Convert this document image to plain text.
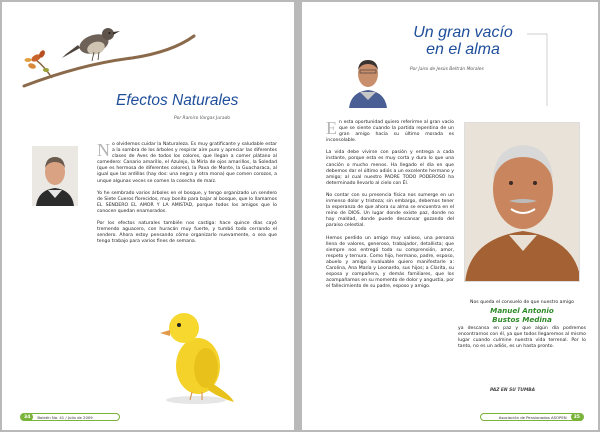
Efectos Naturales
Por Ramiro Vargas Jurado

No olvidemos cuidar la Naturaleza. Es muy gratificante y saludable estar a la sombra de los árboles y respirar aire puro y apreciar las diferentes clases de Aves de todos los colores, que llegan a comer plátano al comedero: Canario amarillo, el Azulejo, la Mirla de ojos amarillos, la Soledad (que es hermosa de diferentes colores), la Pava de Monte, la Guacharaca, al igual que las ardillas (hay dos: una negra y otra mona) que comen corozos, a unque algunas veces se comen la cosecha de maíz.

Yo he sembrado varios árboles en el bosque, y tengo organizado un sendero de Siete Cueros florecidos, muy bonito para bajar al bosque, que lo llamamos EL SENDERO EL AMOR Y LA AMISTAD, porque todos los amigos que lo conocen quedan enamorados.

Por los efectos naturales también nos castiga: hace quince días cayó tremendo aguacero, con huracán muy fuerte, y tumbó todo cerrando el sendero. Ahora estoy pensando cómo organizarlo nuevamente, o sea que tengo trabajo para varios fines de semana.

34	Boletín No. 41 / Julio de 2009
Un gran vacío
en el alma
Por Jairo de Jesús Beltrán Morales

En esta oportunidad quiero referirme al gran vacío que se siente cuando la partida repentina de un gran amigo hacia su último morada es inconsolable.

La vida debe vivirse con pasión y entrega a cada instante, porque esta es muy corta y dura lo que una canción o mucho menos. Ha llegado el día en que debemos dar el último adiós a un excelente hermano y amigo; al cual nuestro PADRE TODO PODEROSO ha determinado llevarlo al cielo con Él.

No contar con su presencia física nos sumerge en un inmenso dolor y tristeza; sin embargo, debemos tener la esperanza de que ahora su alma se encuentra en el reino de DIOS. Un lugar donde existe paz, donde no hay maldad, donde puede descansar gozando del paraíso celestial.

Hemos perdido un amigo muy valioso, una persona llena de valores, generoso, trabajador, detallista; que siempre nos entregó toda su comprensión, amor, respeto y ternura. Como hijo, hermano, padre, esposo, abuelo y amigo invaluable quiero manifestarle a: Carolina, Ana María y Leonardo, sus hijos; a Clarita, su esposa y compañera, y demás familiares, que los acompañamos en su momento de dolor y angustia, por el fallecimiento de su padre, esposo y amigo.

Nos queda el consuelo de que nuestro amigo
Manuel Antonio
Bustos Medina
ya descansa en paz y que algún día podremos encontrarnos con él, ya que todos llegaremos al mismo lugar cuando culmine nuestra vida terrenal. Por lo tanto, no es un adiós, es un hasta pronto.
PAZ EN SU TUMBA
Asociación de Pensionados ASOPEN	35
